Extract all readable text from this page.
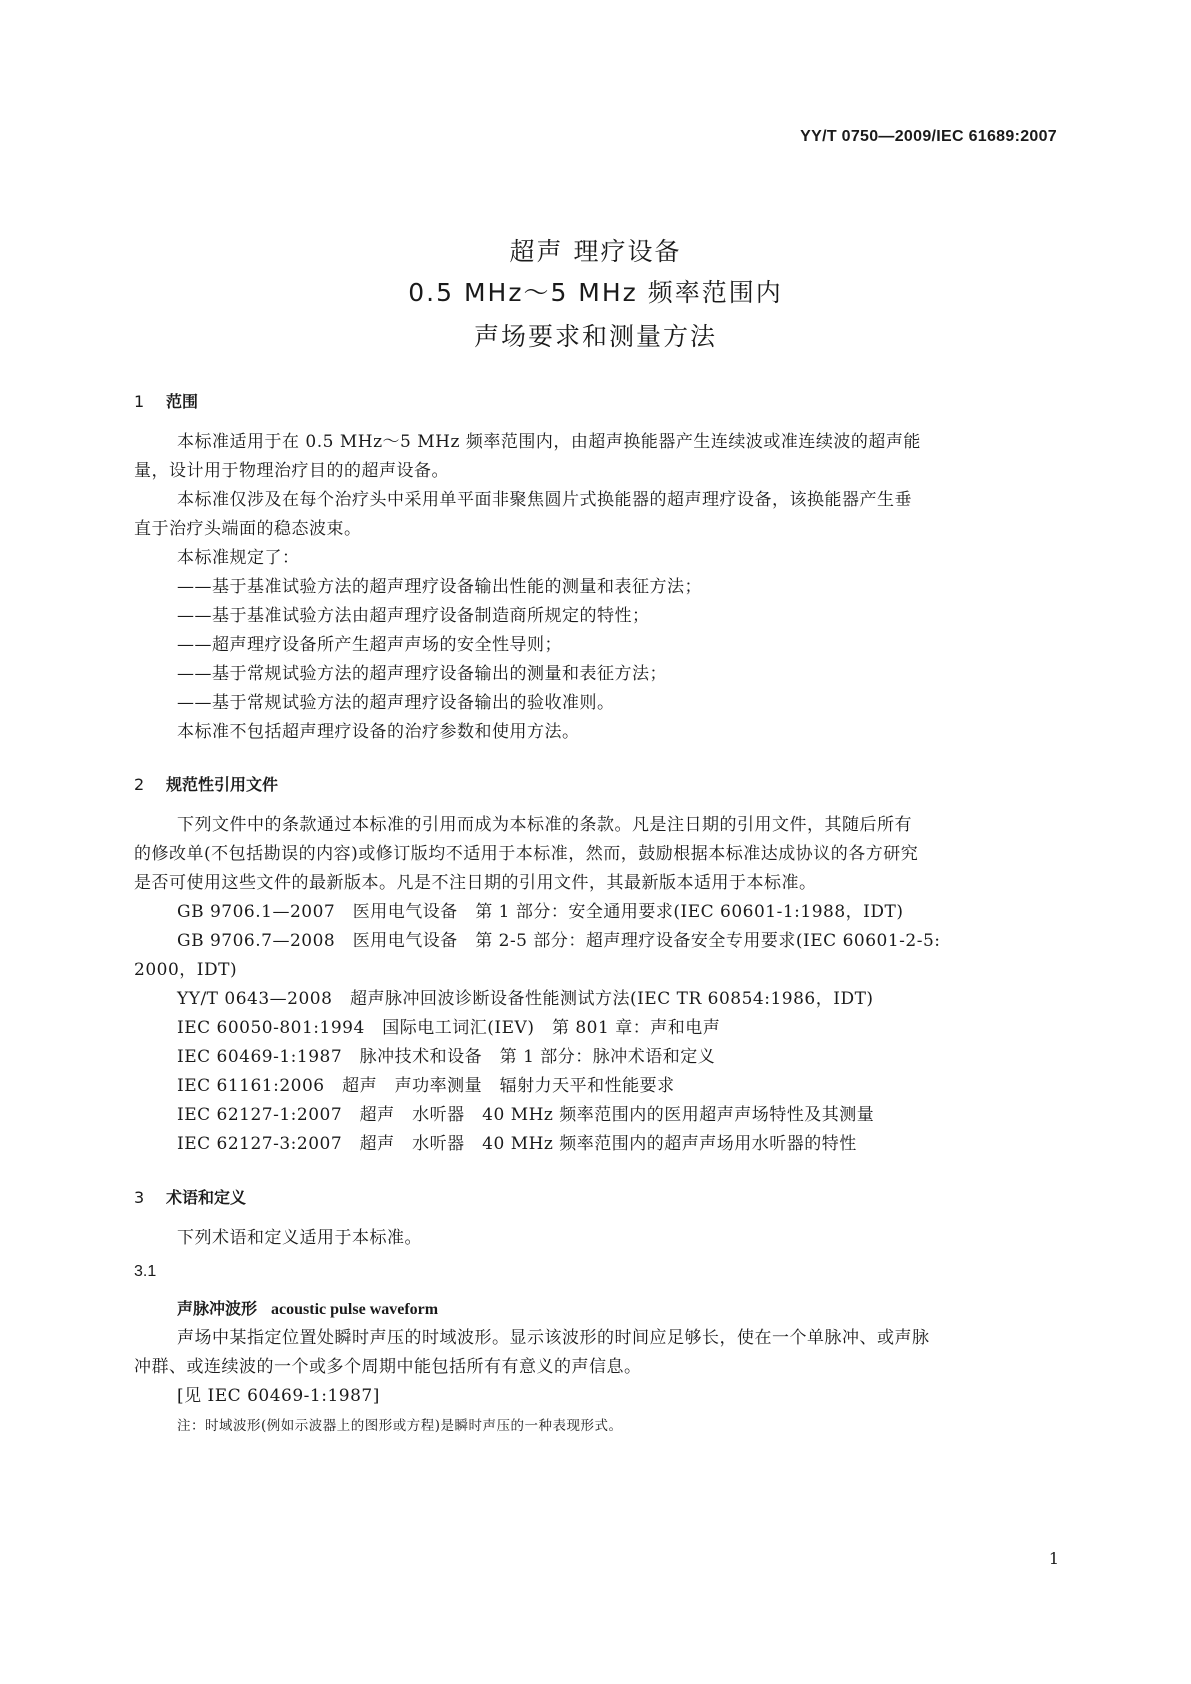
YY/T 0750—2009/IEC 61689:2007
超声 理疗设备
0.5 MHz～5 MHz 频率范围内
声场要求和测量方法
1 范围
本标准适用于在 0.5 MHz～5 MHz 频率范围内，由超声换能器产生连续波或准连续波的超声能
量，设计用于物理治疗目的的超声设备。
本标准仅涉及在每个治疗头中采用单平面非聚焦圆片式换能器的超声理疗设备，该换能器产生垂
直于治疗头端面的稳态波束。
本标准规定了：
——基于基准试验方法的超声理疗设备输出性能的测量和表征方法；
——基于基准试验方法由超声理疗设备制造商所规定的特性；
——超声理疗设备所产生超声声场的安全性导则；
——基于常规试验方法的超声理疗设备输出的测量和表征方法；
——基于常规试验方法的超声理疗设备输出的验收准则。
本标准不包括超声理疗设备的治疗参数和使用方法。
2 规范性引用文件
下列文件中的条款通过本标准的引用而成为本标准的条款。凡是注日期的引用文件，其随后所有
的修改单(不包括勘误的内容)或修订版均不适用于本标准，然而，鼓励根据本标准达成协议的各方研究
是否可使用这些文件的最新版本。凡是不注日期的引用文件，其最新版本适用于本标准。
GB 9706.1—2007　医用电气设备　第 1 部分：安全通用要求(IEC 60601-1:1988，IDT)
GB 9706.7—2008　医用电气设备　第 2-5 部分：超声理疗设备安全专用要求(IEC 60601-2-5:
2000，IDT)
YY/T 0643—2008　超声脉冲回波诊断设备性能测试方法(IEC TR 60854:1986，IDT)
IEC 60050-801:1994　国际电工词汇(IEV)　第 801 章：声和电声
IEC 60469-1:1987　脉冲技术和设备　第 1 部分：脉冲术语和定义
IEC 61161:2006　超声　声功率测量　辐射力天平和性能要求
IEC 62127-1:2007　超声　水听器　40 MHz 频率范围内的医用超声声场特性及其测量
IEC 62127-3:2007　超声　水听器　40 MHz 频率范围内的超声声场用水听器的特性
3 术语和定义
下列术语和定义适用于本标准。
3.1
声脉冲波形 acoustic pulse waveform
声场中某指定位置处瞬时声压的时域波形。显示该波形的时间应足够长，使在一个单脉冲、或声脉
冲群、或连续波的一个或多个周期中能包括所有有意义的声信息。
[见 IEC 60469-1:1987]
注：时域波形(例如示波器上的图形或方程)是瞬时声压的一种表现形式。
1
